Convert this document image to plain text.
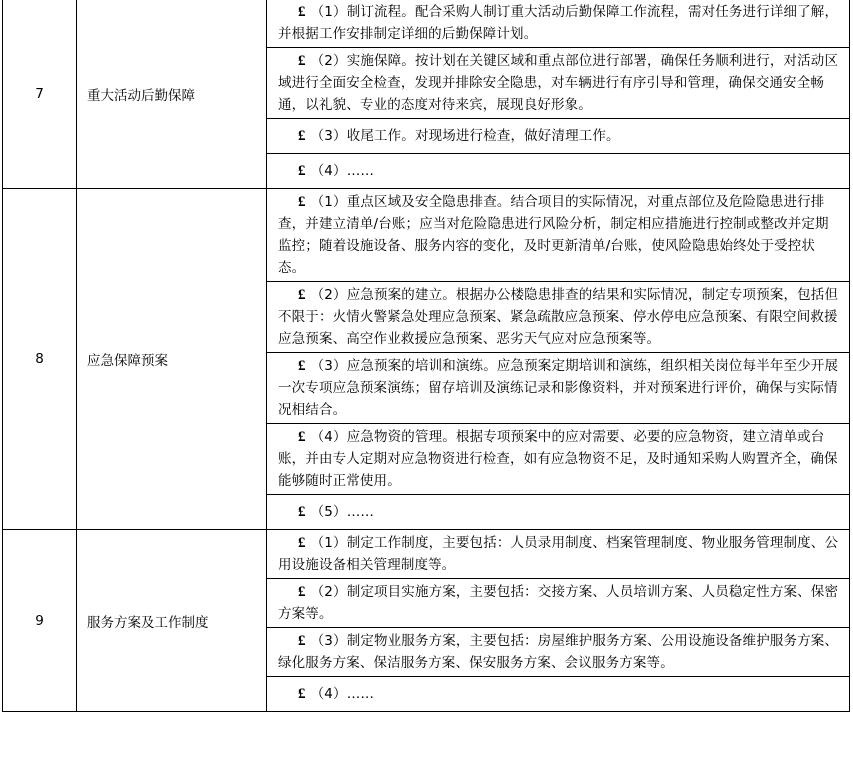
7	重大活动后勤保障	£ （1）制订流程。配合采购人制订重大活动后勤保障工作流程，需对任务进行详细了解，并根据工作安排制定详细的后勤保障计划。
		£ （2）实施保障。按计划在关键区域和重点部位进行部署，确保任务顺利进行，对活动区域进行全面安全检查，发现并排除安全隐患，对车辆进行有序引导和管理，确保交通安全畅通，以礼貌、专业的态度对待来宾，展现良好形象。
		£ （3）收尾工作。对现场进行检查，做好清理工作。
		£ （4）……
8	应急保障预案	£ （1）重点区域及安全隐患排查。结合项目的实际情况，对重点部位及危险隐患进行排查，并建立清单/台账；应当对危险隐患进行风险分析，制定相应措施进行控制或整改并定期监控；随着设施设备、服务内容的变化，及时更新清单/台账，使风险隐患始终处于受控状态。
		£ （2）应急预案的建立。根据办公楼隐患排查的结果和实际情况，制定专项预案，包括但不限于：火情火警紧急处理应急预案、紧急疏散应急预案、停水停电应急预案、有限空间救援应急预案、高空作业救援应急预案、恶劣天气应对应急预案等。
		£ （3）应急预案的培训和演练。应急预案定期培训和演练，组织相关岗位每半年至少开展一次专项应急预案演练；留存培训及演练记录和影像资料，并对预案进行评价，确保与实际情况相结合。
		£ （4）应急物资的管理。根据专项预案中的应对需要、必要的应急物资，建立清单或台账，并由专人定期对应急物资进行检查，如有应急物资不足，及时通知采购人购置齐全，确保能够随时正常使用。
		£ （5）……
9	服务方案及工作制度	£ （1）制定工作制度，主要包括：人员录用制度、档案管理制度、物业服务管理制度、公用设施设备相关管理制度等。
		£ （2）制定项目实施方案，主要包括：交接方案、人员培训方案、人员稳定性方案、保密方案等。
		£ （3）制定物业服务方案，主要包括：房屋维护服务方案、公用设施设备维护服务方案、绿化服务方案、保洁服务方案、保安服务方案、会议服务方案等。
		£ （4）……
